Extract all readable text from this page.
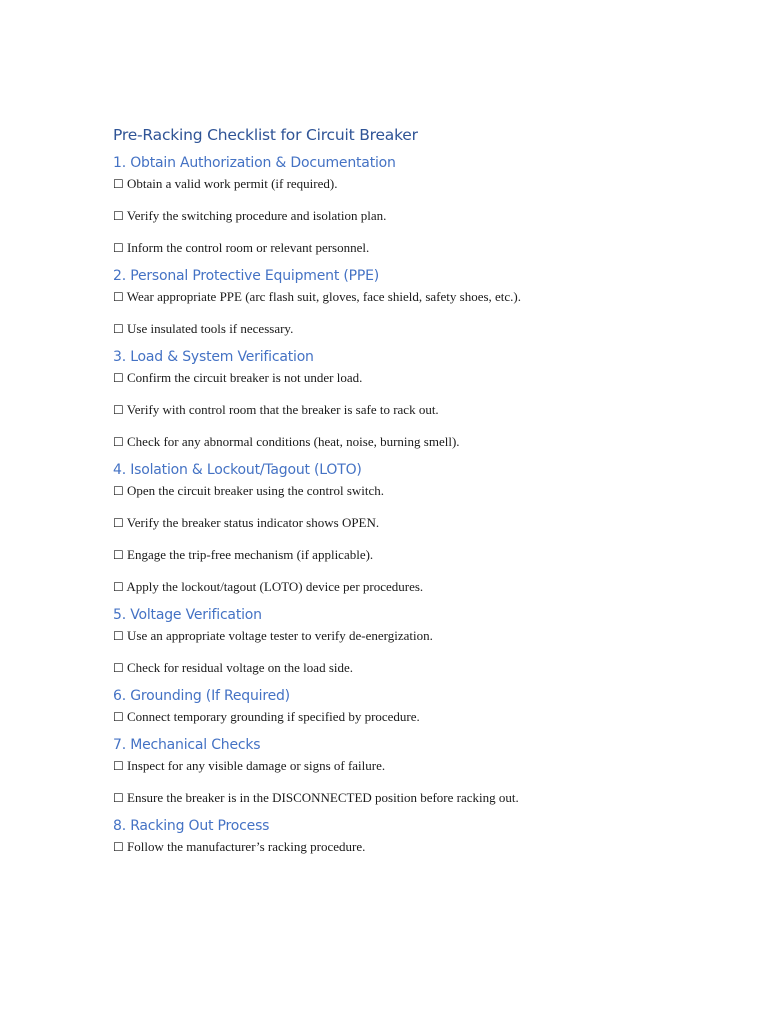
Pre-Racking Checklist for Circuit Breaker
1. Obtain Authorization & Documentation
☐ Obtain a valid work permit (if required).
☐ Verify the switching procedure and isolation plan.
☐ Inform the control room or relevant personnel.
2. Personal Protective Equipment (PPE)
☐ Wear appropriate PPE (arc flash suit, gloves, face shield, safety shoes, etc.).
☐ Use insulated tools if necessary.
3. Load & System Verification
☐ Confirm the circuit breaker is not under load.
☐ Verify with control room that the breaker is safe to rack out.
☐ Check for any abnormal conditions (heat, noise, burning smell).
4. Isolation & Lockout/Tagout (LOTO)
☐ Open the circuit breaker using the control switch.
☐ Verify the breaker status indicator shows OPEN.
☐ Engage the trip-free mechanism (if applicable).
☐ Apply the lockout/tagout (LOTO) device per procedures.
5. Voltage Verification
☐ Use an appropriate voltage tester to verify de-energization.
☐ Check for residual voltage on the load side.
6. Grounding (If Required)
☐ Connect temporary grounding if specified by procedure.
7. Mechanical Checks
☐ Inspect for any visible damage or signs of failure.
☐ Ensure the breaker is in the DISCONNECTED position before racking out.
8. Racking Out Process
☐ Follow the manufacturer’s racking procedure.
